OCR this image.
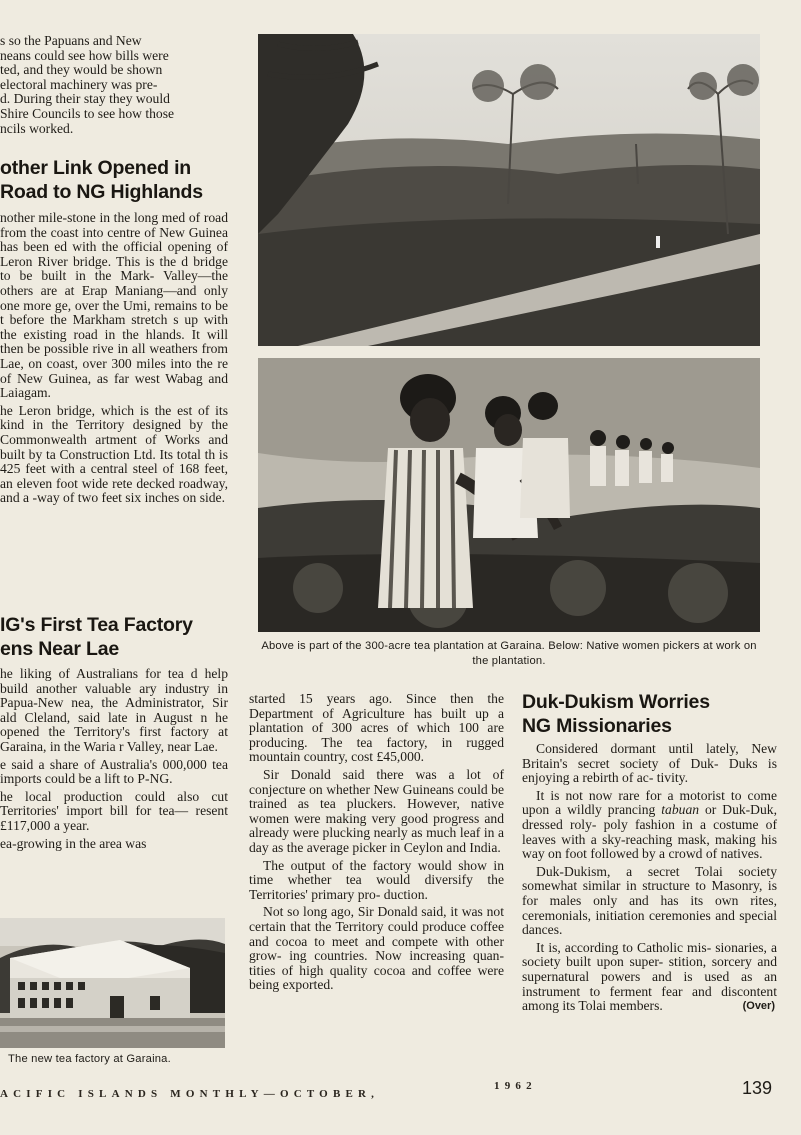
s so the Papuans and New
neans could see how bills were
ted, and they would be shown
electoral machinery was pre-
d. During their stay they would
Shire Councils to see how those
ncils worked.
other Link Opened in
Road to NG Highlands

nother mile-stone in the long med of road from the coast into centre of New Guinea has been ed with the official opening of Leron River bridge. This is the d bridge to be built in the Mark- Valley—the others are at Erap Maniang—and only one more ge, over the Umi, remains to be t before the Markham stretch s up with the existing road in the hlands. It will then be possible rive in all weathers from Lae, on coast, over 300 miles into the re of New Guinea, as far west Wabag and Laiagam.

he Leron bridge, which is the est of its kind in the Territory designed by the Commonwealth artment of Works and built by ta Construction Ltd. Its total th is 425 feet with a central steel of 168 feet, an eleven foot wide rete decked roadway, and a -way of two feet six inches on side.

IG's First Tea Factory
ens Near Lae

he liking of Australians for tea d help build another valuable ary industry in Papua-New nea, the Administrator, Sir ald Cleland, said late in August n he opened the Territory's first factory at Garaina, in the Waria r Valley, near Lae.

e said a share of Australia's 000,000 tea imports could be a lift to P-NG.

he local production could also cut Territories' import bill for tea— resent £117,000 a year.

ea-growing in the area was

The new tea factory at Garaina.
Above is part of the 300-acre tea plantation at Garaina. Below: Native women pickers at work on the plantation.

started 15 years ago. Since then the Department of Agriculture has built up a plantation of 300 acres of which 100 are producing. The tea factory, in rugged mountain country, cost £45,000.

Sir Donald said there was a lot of conjecture on whether New Guineans could be trained as tea pluckers. However, native women were making very good progress and already were plucking nearly as much leaf in a day as the average picker in Ceylon and India.

The output of the factory would show in time whether tea would diversify the Territories' primary pro- duction.

Not so long ago, Sir Donald said, it was not certain that the Territory could produce coffee and cocoa to meet and compete with other grow- ing countries. Now increasing quan- tities of high quality cocoa and coffee were being exported.

Duk-Dukism Worries
NG Missionaries

Considered dormant until lately, New Britain's secret society of Duk- Duks is enjoying a rebirth of ac- tivity.

It is not now rare for a motorist to come upon a wildly prancing tabuan or Duk-Duk, dressed roly- poly fashion in a costume of leaves with a sky-reaching mask, making his way on foot followed by a crowd of natives.

Duk-Dukism, a secret Tolai society somewhat similar in structure to Masonry, is for males only and has its own rites, ceremonials, initiation ceremonies and special dances.

It is, according to Catholic mis- sionaries, a society built upon super- stition, sorcery and supernatural powers and is used as an instrument to ferment fear and discontent among its Tolai members.	(Over)

ACIFIC ISLANDS MONTHLY—OCTOBER,
1962	139
